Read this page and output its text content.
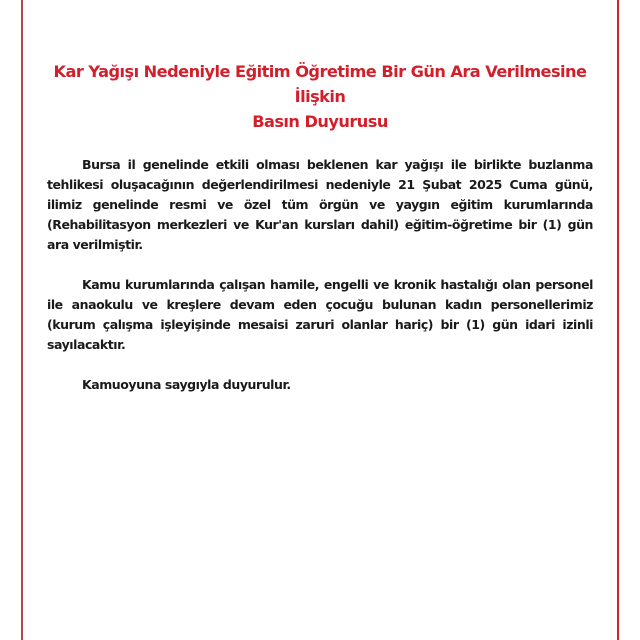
Kar Yağışı Nedeniyle Eğitim Öğretime Bir Gün Ara Verilmesine İlişkin
Basın Duyurusu

Bursa il genelinde etkili olması beklenen kar yağışı ile birlikte buzlanma tehlikesi oluşacağının değerlendirilmesi nedeniyle 21 Şubat 2025 Cuma günü, ilimiz genelinde resmi ve özel tüm örgün ve yaygın eğitim kurumlarında (Rehabilitasyon merkezleri ve Kur'an kursları dahil) eğitim-öğretime bir (1) gün ara verilmiştir.

Kamu kurumlarında çalışan hamile, engelli ve kronik hastalığı olan personel ile anaokulu ve kreşlere devam eden çocuğu bulunan kadın personellerimiz (kurum çalışma işleyişinde mesaisi zaruri olanlar hariç) bir (1) gün idari izinli sayılacaktır.

Kamuoyuna saygıyla duyurulur.
